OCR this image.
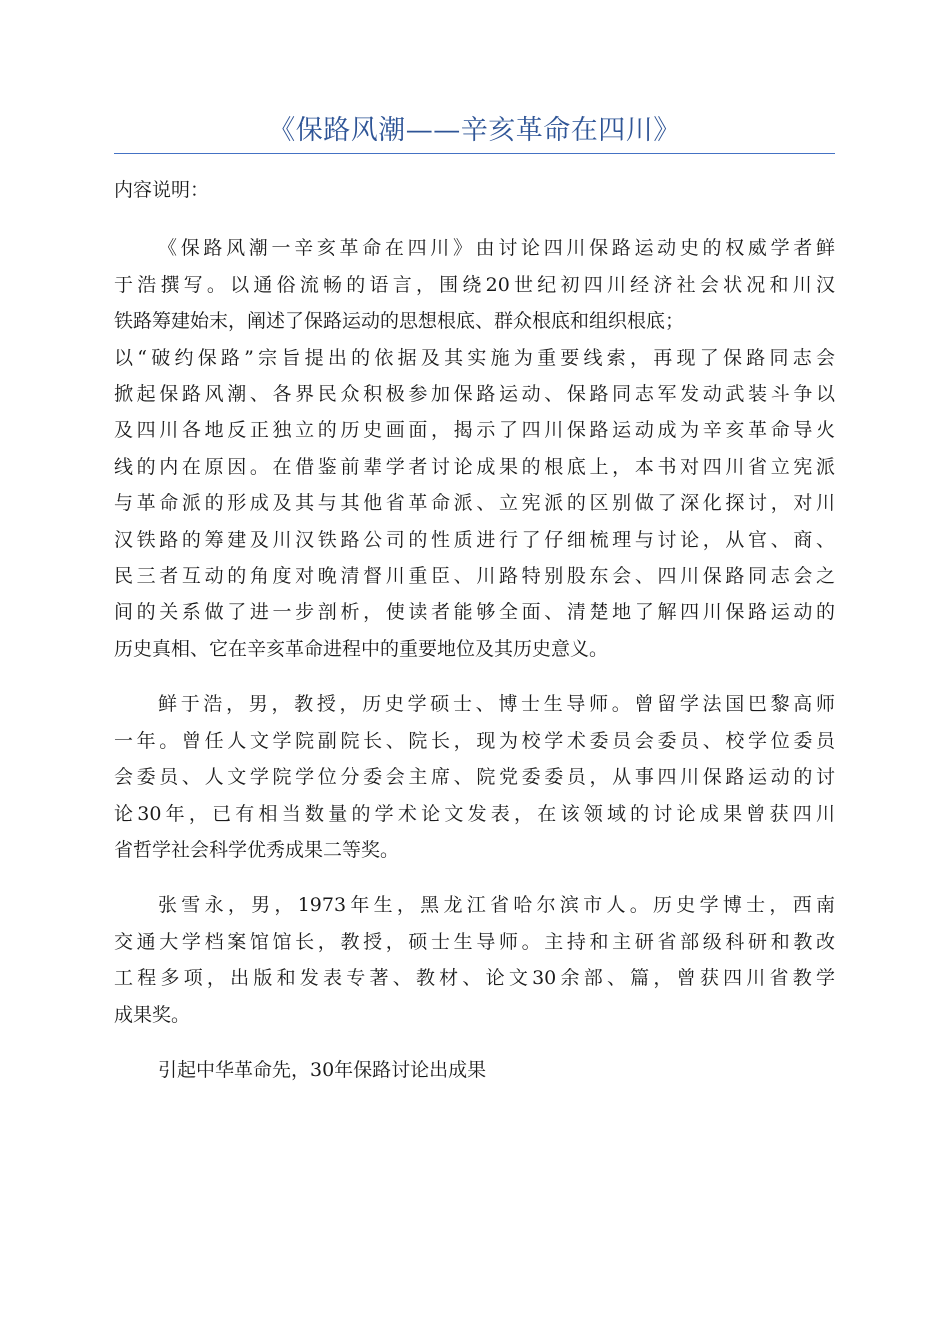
《保路风潮——辛亥革命在四川》
内容说明：
《保路风潮一辛亥革命在四川》由讨论四川保路运动史的权威学者鲜
于浩撰写。以通俗流畅的语言，围绕20世纪初四川经济社会状况和川汉
铁路筹建始末，阐述了保路运动的思想根底、群众根底和组织根底；
以“破约保路”宗旨提出的依据及其实施为重要线索，再现了保路同志会
掀起保路风潮、各界民众积极参加保路运动、保路同志军发动武装斗争以
及四川各地反正独立的历史画面，揭示了四川保路运动成为辛亥革命导火
线的内在原因。在借鉴前辈学者讨论成果的根底上，本书对四川省立宪派
与革命派的形成及其与其他省革命派、立宪派的区别做了深化探讨，对川
汉铁路的筹建及川汉铁路公司的性质进行了仔细梳理与讨论，从官、商、
民三者互动的角度对晚清督川重臣、川路特别股东会、四川保路同志会之
间的关系做了进一步剖析，使读者能够全面、清楚地了解四川保路运动的
历史真相、它在辛亥革命进程中的重要地位及其历史意义。
鲜于浩，男，教授，历史学硕士、博士生导师。曾留学法国巴黎高师
一年。曾任人文学院副院长、院长，现为校学术委员会委员、校学位委员
会委员、人文学院学位分委会主席、院党委委员，从事四川保路运动的讨
论30年，已有相当数量的学术论文发表，在该领域的讨论成果曾获四川
省哲学社会科学优秀成果二等奖。
张雪永，男，1973年生，黑龙江省哈尔滨市人。历史学博士，西南
交通大学档案馆馆长，教授，硕士生导师。主持和主研省部级科研和教改
工程多项，出版和发表专著、教材、论文30余部、篇，曾获四川省教学
成果奖。
引起中华革命先，30年保路讨论出成果
